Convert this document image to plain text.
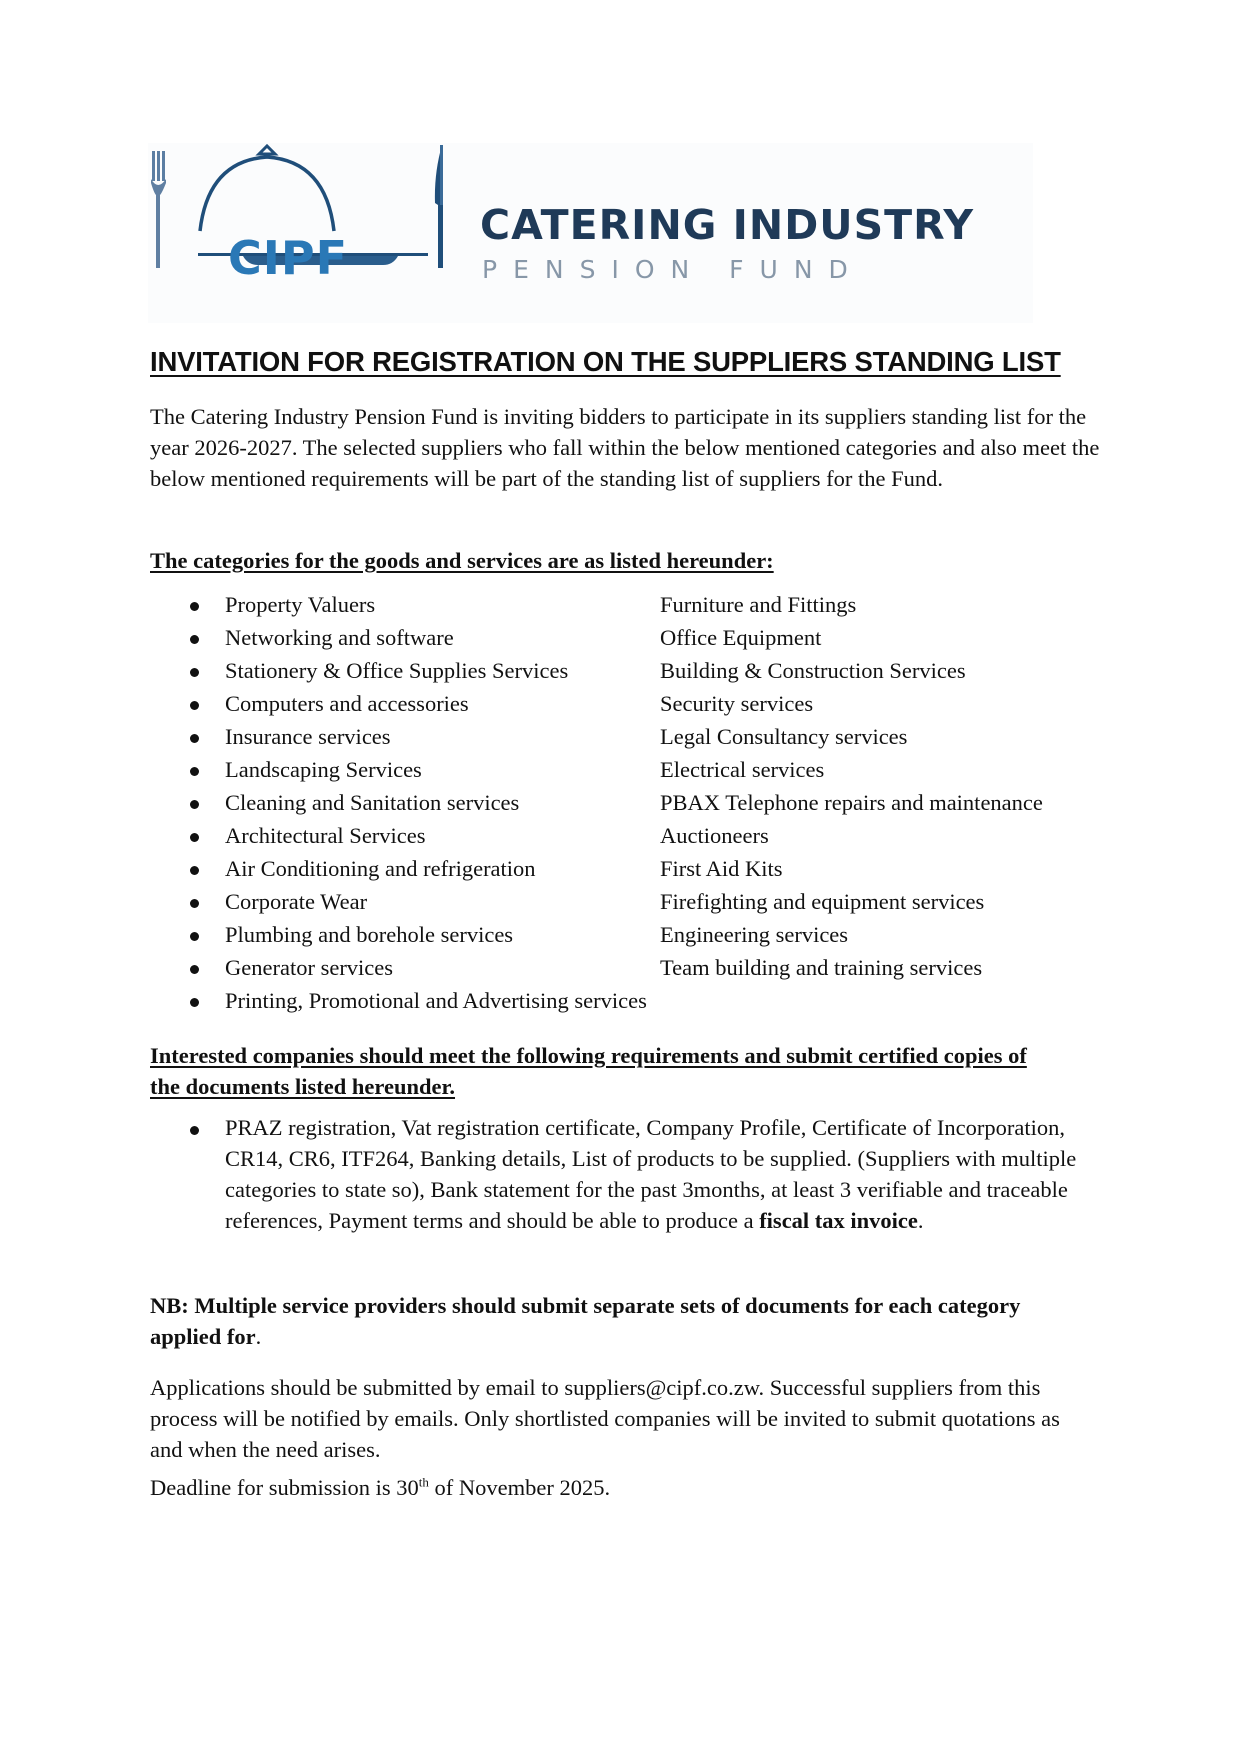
CIPF
CATERING INDUSTRY
PENSION FUND
INVITATION FOR REGISTRATION ON THE SUPPLIERS STANDING LIST
The Catering Industry Pension Fund is inviting bidders to participate in its suppliers standing list for the year 2026-2027. The selected suppliers who fall within the below mentioned categories and also meet the below mentioned requirements will be part of the standing list of suppliers for the Fund.
The categories for the goods and services are as listed hereunder:
Property Valuers	Furniture and Fittings
Networking and software	Office Equipment
Stationery & Office Supplies Services	Building & Construction Services
Computers and accessories	Security services
Insurance services	Legal Consultancy services
Landscaping Services	Electrical services
Cleaning and Sanitation services	PBAX Telephone repairs and maintenance
Architectural Services	Auctioneers
Air Conditioning and refrigeration	First Aid Kits
Corporate Wear	Firefighting and equipment services
Plumbing and borehole services	Engineering services
Generator services	Team building and training services
Printing, Promotional and Advertising services
Interested companies should meet the following requirements and submit certified copies of the documents listed hereunder.
PRAZ registration, Vat registration certificate, Company Profile, Certificate of Incorporation, CR14, CR6, ITF264, Banking details, List of products to be supplied. (Suppliers with multiple categories to state so), Bank statement for the past 3months, at least 3 verifiable and traceable references, Payment terms and should be able to produce a fiscal tax invoice.
NB: Multiple service providers should submit separate sets of documents for each category applied for.
Applications should be submitted by email to suppliers@cipf.co.zw. Successful suppliers from this process will be notified by emails. Only shortlisted companies will be invited to submit quotations as and when the need arises.
Deadline for submission is 30th of November 2025.
